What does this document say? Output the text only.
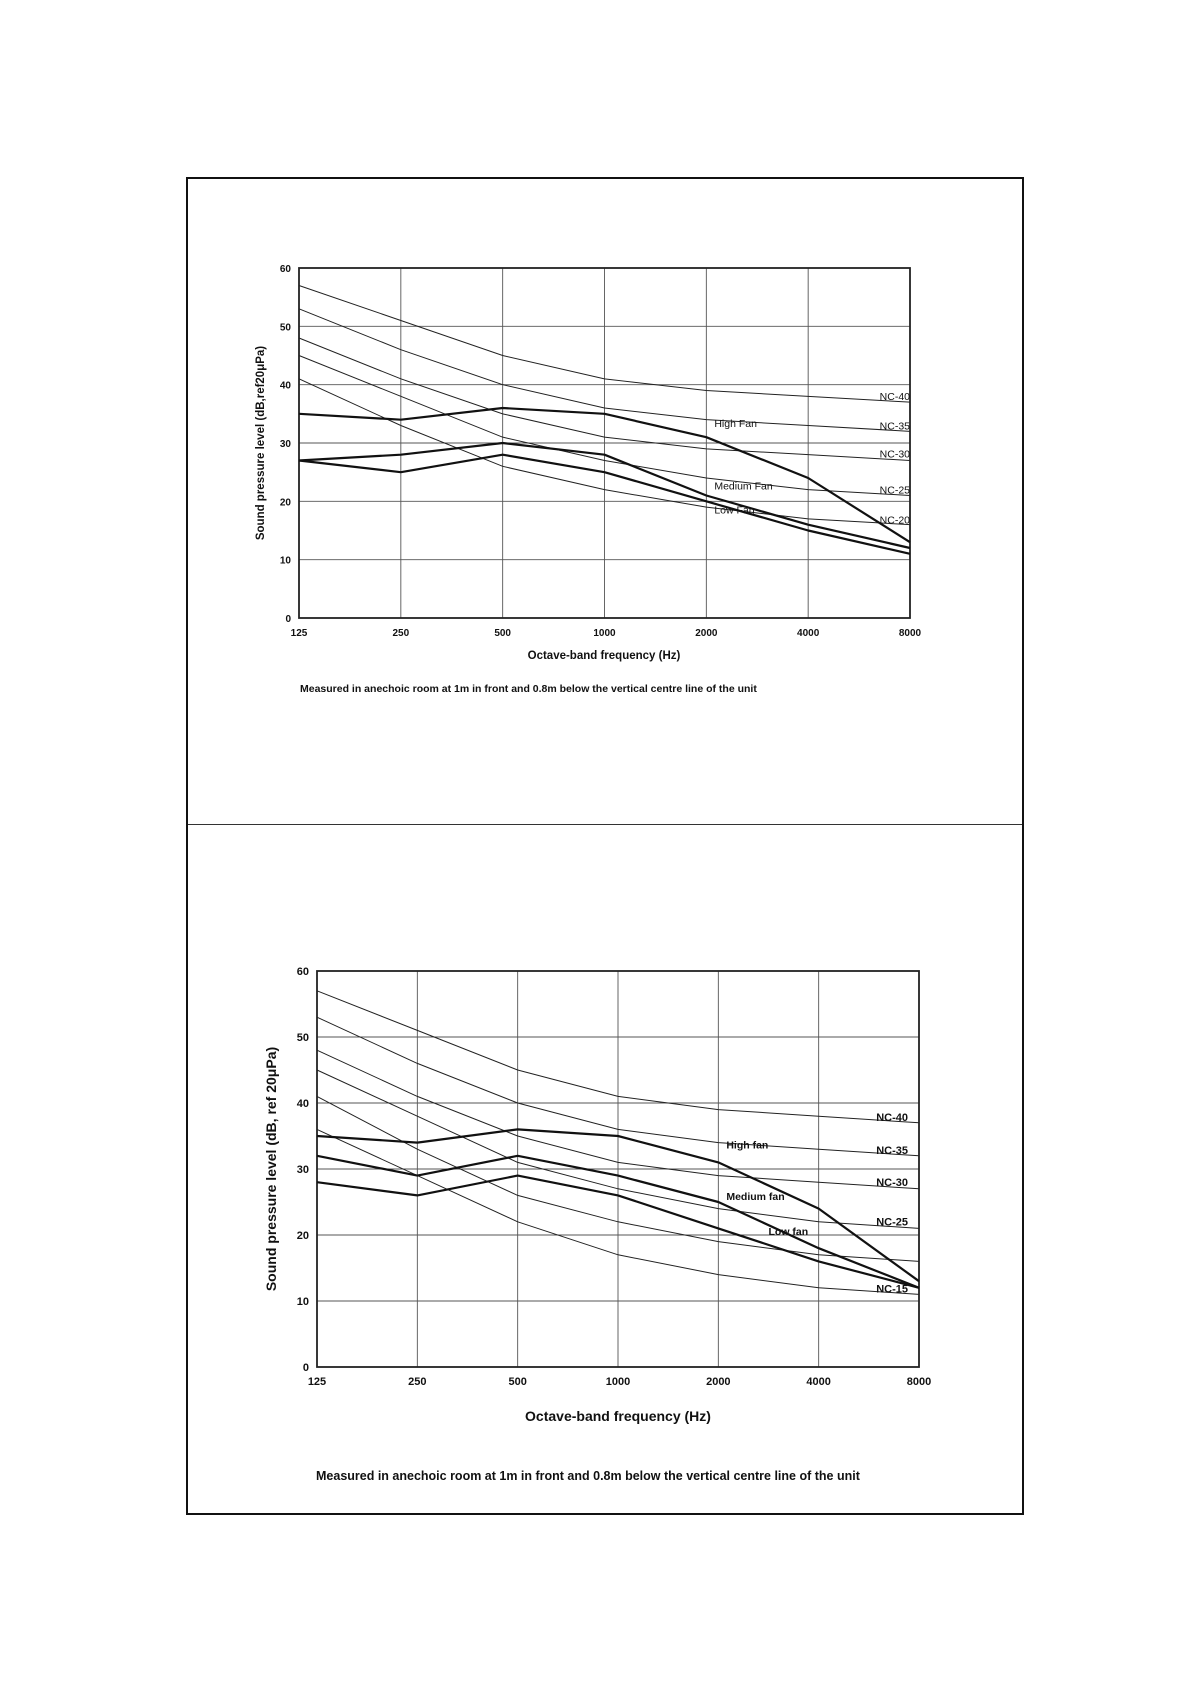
125	250	500	1000	2000	4000	8000
0
10
20
30
40
50
60
Octave-band frequency (Hz)
Sound pressure level (dB,ref20μPa)	NC-40
NC-35
NC-30
NC-25
NC-20
High Fan
Medium Fan
Low Fan
125	250	500	1000	2000	4000	8000
0
10
20
30
40
50
60
Octave-band frequency (Hz)
Sound pressure level (dB, ref 20μPa)	NC-40
NC-35
NC-30
NC-25
NC-15
High fan
Medium fan
Low fan
Measured in anechoic room at 1m in front and 0.8m below the vertical centre line of the unit
Measured in anechoic room at 1m in front and 0.8m below the vertical centre line of the unit
